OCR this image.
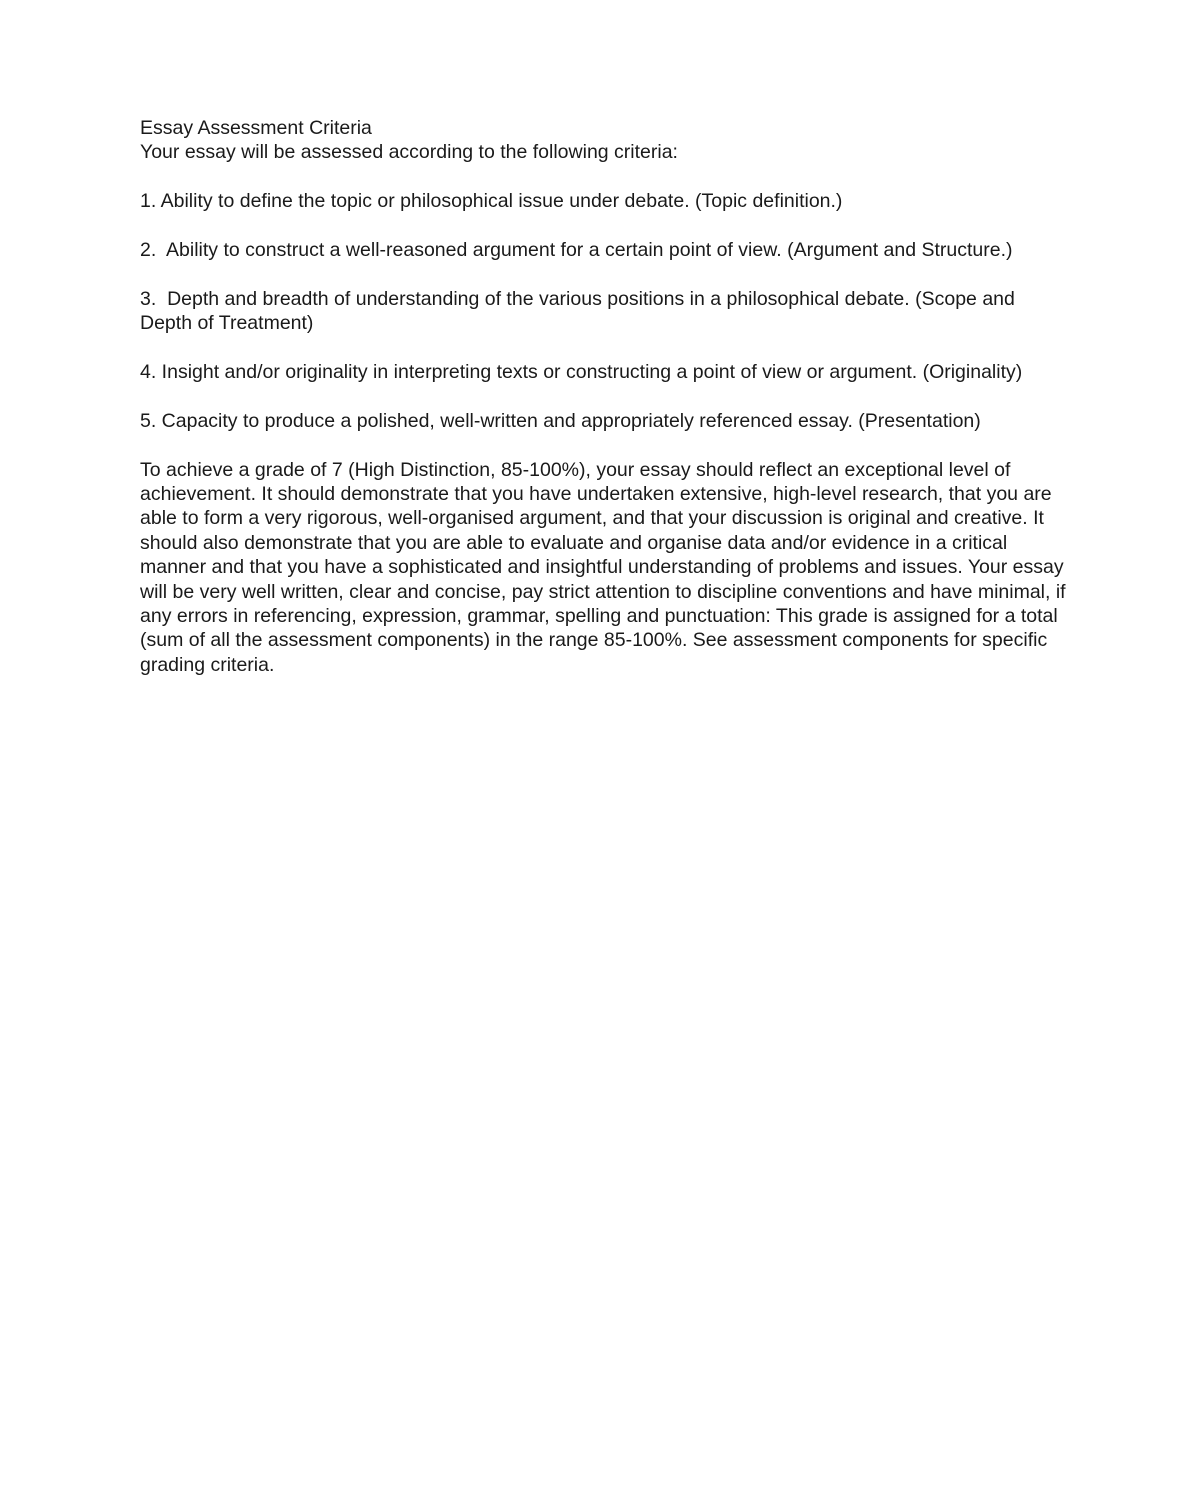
Essay Assessment Criteria

Your essay will be assessed according to the following criteria:

1. Ability to define the topic or philosophical issue under debate. (Topic definition.)

2.  Ability to construct a well-reasoned argument for a certain point of view. (Argument and Structure.)

3.  Depth and breadth of understanding of the various positions in a philosophical debate. (Scope and Depth of Treatment)

4. Insight and/or originality in interpreting texts or constructing a point of view or argument. (Originality)

5. Capacity to produce a polished, well-written and appropriately referenced essay. (Presentation)

To achieve a grade of 7 (High Distinction, 85-100%), your essay should reflect an exceptional level of achievement. It should demonstrate that you have undertaken extensive, high-level research, that you are able to form a very rigorous, well-organised argument, and that your discussion is original and creative. It should also demonstrate that you are able to evaluate and organise data and/or evidence in a critical manner and that you have a sophisticated and insightful understanding of problems and issues. Your essay will be very well written, clear and concise, pay strict attention to discipline conventions and have minimal, if any errors in referencing, expression, grammar, spelling and punctuation: This grade is assigned for a total (sum of all the assessment components) in the range 85-100%. See assessment components for specific grading criteria.
